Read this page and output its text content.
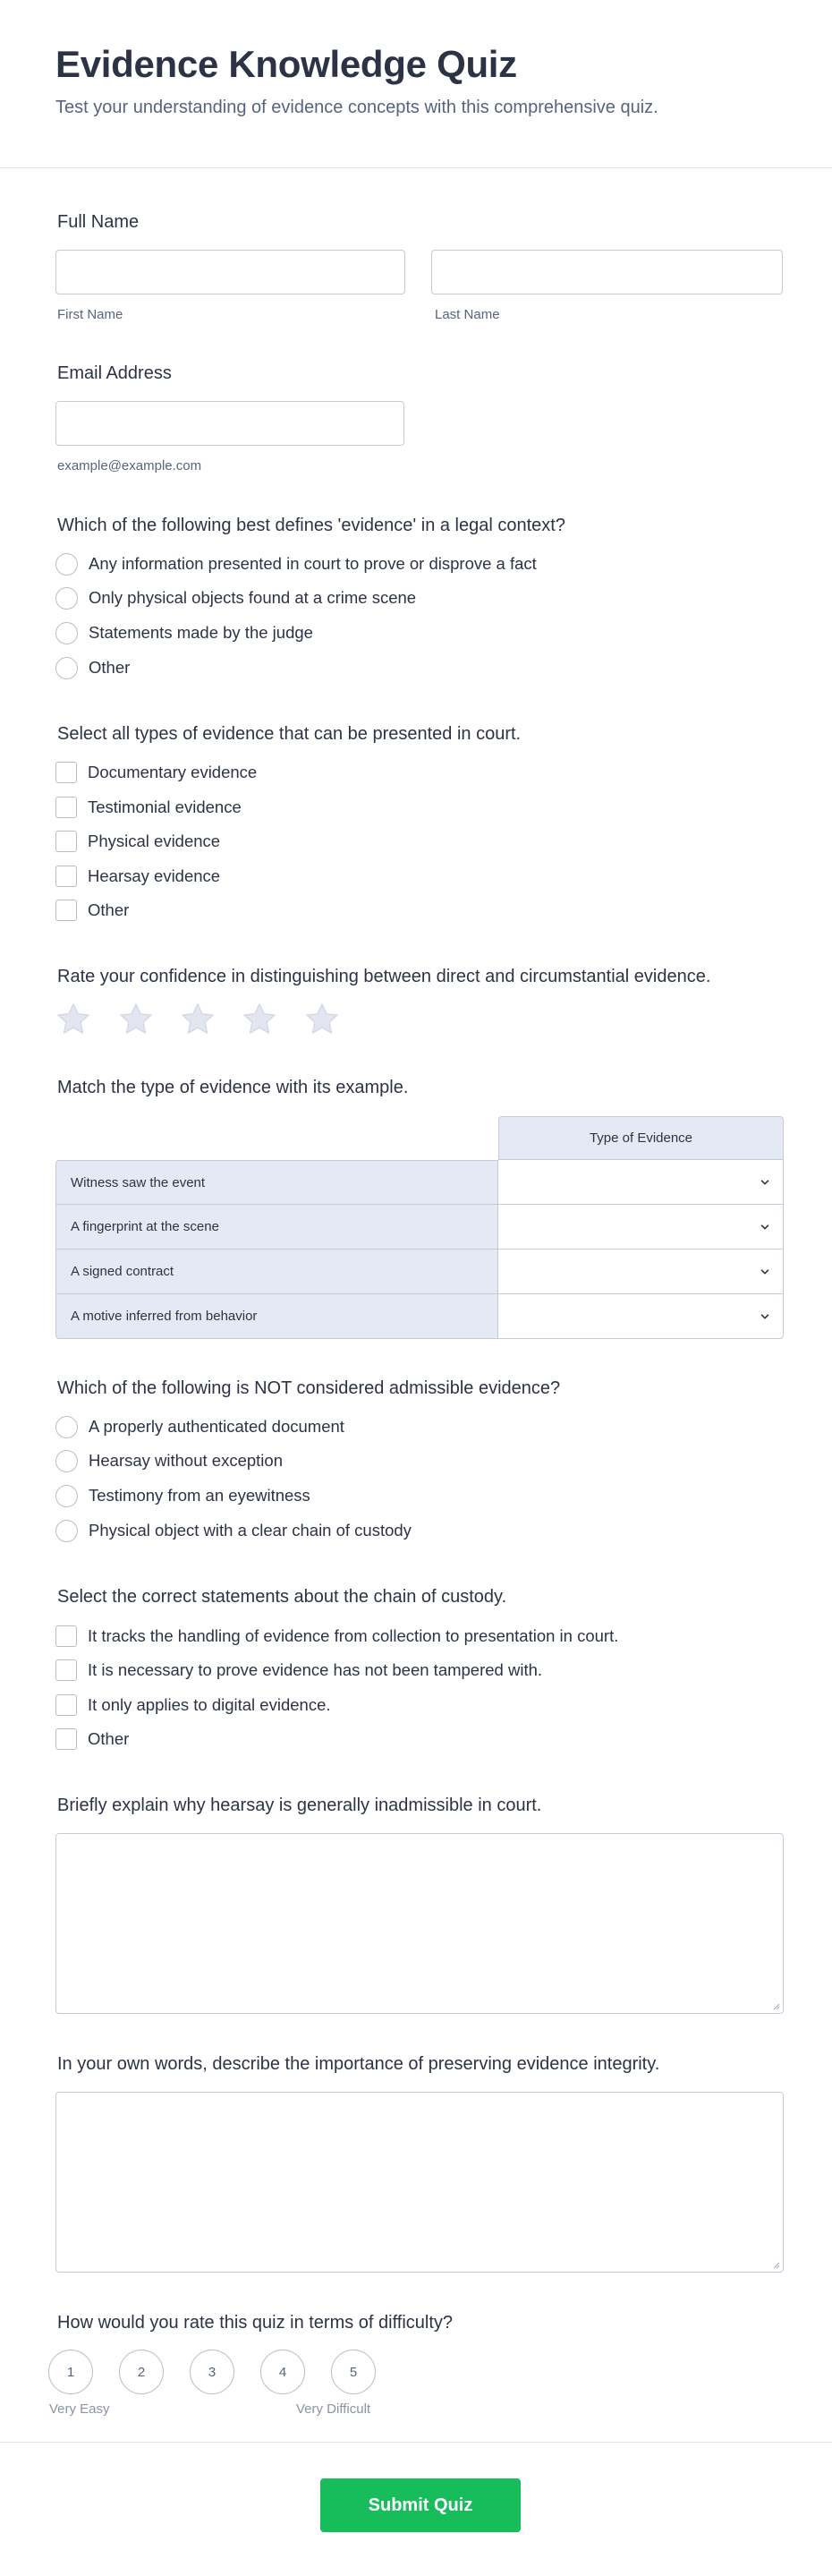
Evidence Knowledge Quiz
Test your understanding of evidence concepts with this comprehensive quiz.
Full Name
First Name	Last Name
Email Address
example@example.com
Which of the following best defines 'evidence' in a legal context?
Any information presented in court to prove or disprove a fact
Only physical objects found at a crime scene
Statements made by the judge
Other
Select all types of evidence that can be presented in court.
Documentary evidence
Testimonial evidence
Physical evidence
Hearsay evidence
Other
Rate your confidence in distinguishing between direct and circumstantial evidence.
Match the type of evidence with its example.
Type of Evidence
Witness saw the event
A fingerprint at the scene
A signed contract
A motive inferred from behavior
Which of the following is NOT considered admissible evidence?
A properly authenticated document
Hearsay without exception
Testimony from an eyewitness
Physical object with a clear chain of custody
Select the correct statements about the chain of custody.
It tracks the handling of evidence from collection to presentation in court.
It is necessary to prove evidence has not been tampered with.
It only applies to digital evidence.
Other
Briefly explain why hearsay is generally inadmissible in court.
In your own words, describe the importance of preserving evidence integrity.
How would you rate this quiz in terms of difficulty?
1	2	3	4	5
Very Easy	Very Difficult
Submit Quiz
